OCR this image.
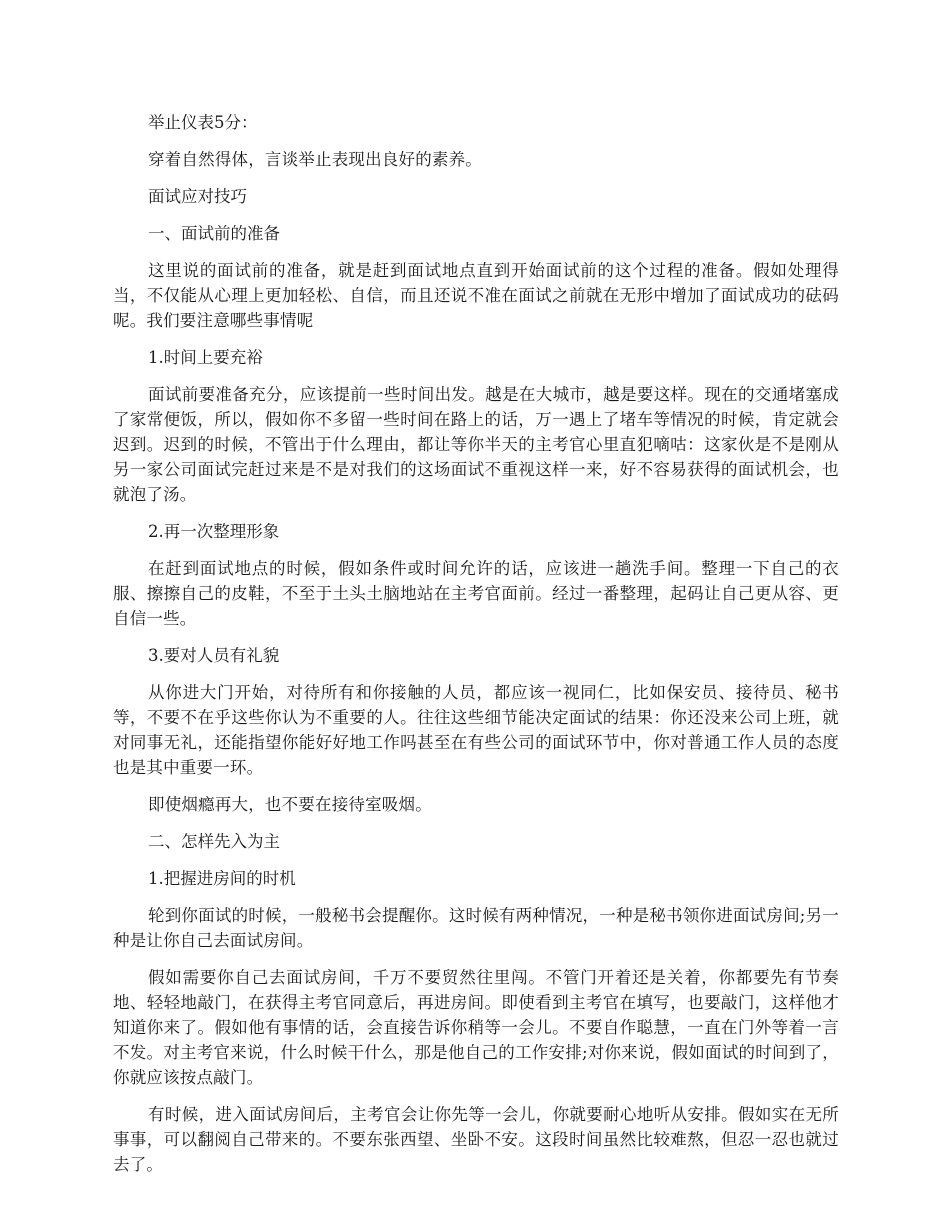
举止仪表5分：

穿着自然得体，言谈举止表现出良好的素养。

面试应对技巧

一、面试前的准备

这里说的面试前的准备，就是赶到面试地点直到开始面试前的这个过程的准备。假如处理得当，不仅能从心理上更加轻松、自信，而且还说不准在面试之前就在无形中增加了面试成功的砝码呢。我们要注意哪些事情呢

1.时间上要充裕

面试前要准备充分，应该提前一些时间出发。越是在大城市，越是要这样。现在的交通堵塞成了家常便饭，所以，假如你不多留一些时间在路上的话，万一遇上了堵车等情况的时候，肯定就会迟到。迟到的时候，不管出于什么理由，都让等你半天的主考官心里直犯嘀咕：这家伙是不是刚从另一家公司面试完赶过来是不是对我们的这场面试不重视这样一来，好不容易获得的面试机会，也就泡了汤。

2.再一次整理形象

在赶到面试地点的时候，假如条件或时间允许的话，应该进一趟洗手间。整理一下自己的衣服、擦擦自己的皮鞋，不至于土头土脑地站在主考官面前。经过一番整理，起码让自己更从容、更自信一些。

3.要对人员有礼貌

从你进大门开始，对待所有和你接触的人员，都应该一视同仁，比如保安员、接待员、秘书等，不要不在乎这些你认为不重要的人。往往这些细节能决定面试的结果：你还没来公司上班，就对同事无礼，还能指望你能好好地工作吗甚至在有些公司的面试环节中，你对普通工作人员的态度也是其中重要一环。

即使烟瘾再大，也不要在接待室吸烟。

二、怎样先入为主

1.把握进房间的时机

轮到你面试的时候，一般秘书会提醒你。这时候有两种情况，一种是秘书领你进面试房间;另一种是让你自己去面试房间。

假如需要你自己去面试房间，千万不要贸然往里闯。不管门开着还是关着，你都要先有节奏地、轻轻地敲门，在获得主考官同意后，再进房间。即使看到主考官在填写，也要敲门，这样他才知道你来了。假如他有事情的话，会直接告诉你稍等一会儿。不要自作聪慧，一直在门外等着一言不发。对主考官来说，什么时候干什么，那是他自己的工作安排;对你来说，假如面试的时间到了，你就应该按点敲门。

有时候，进入面试房间后，主考官会让你先等一会儿，你就要耐心地听从安排。假如实在无所事事，可以翻阅自己带来的。不要东张西望、坐卧不安。这段时间虽然比较难熬，但忍一忍也就过去了。
